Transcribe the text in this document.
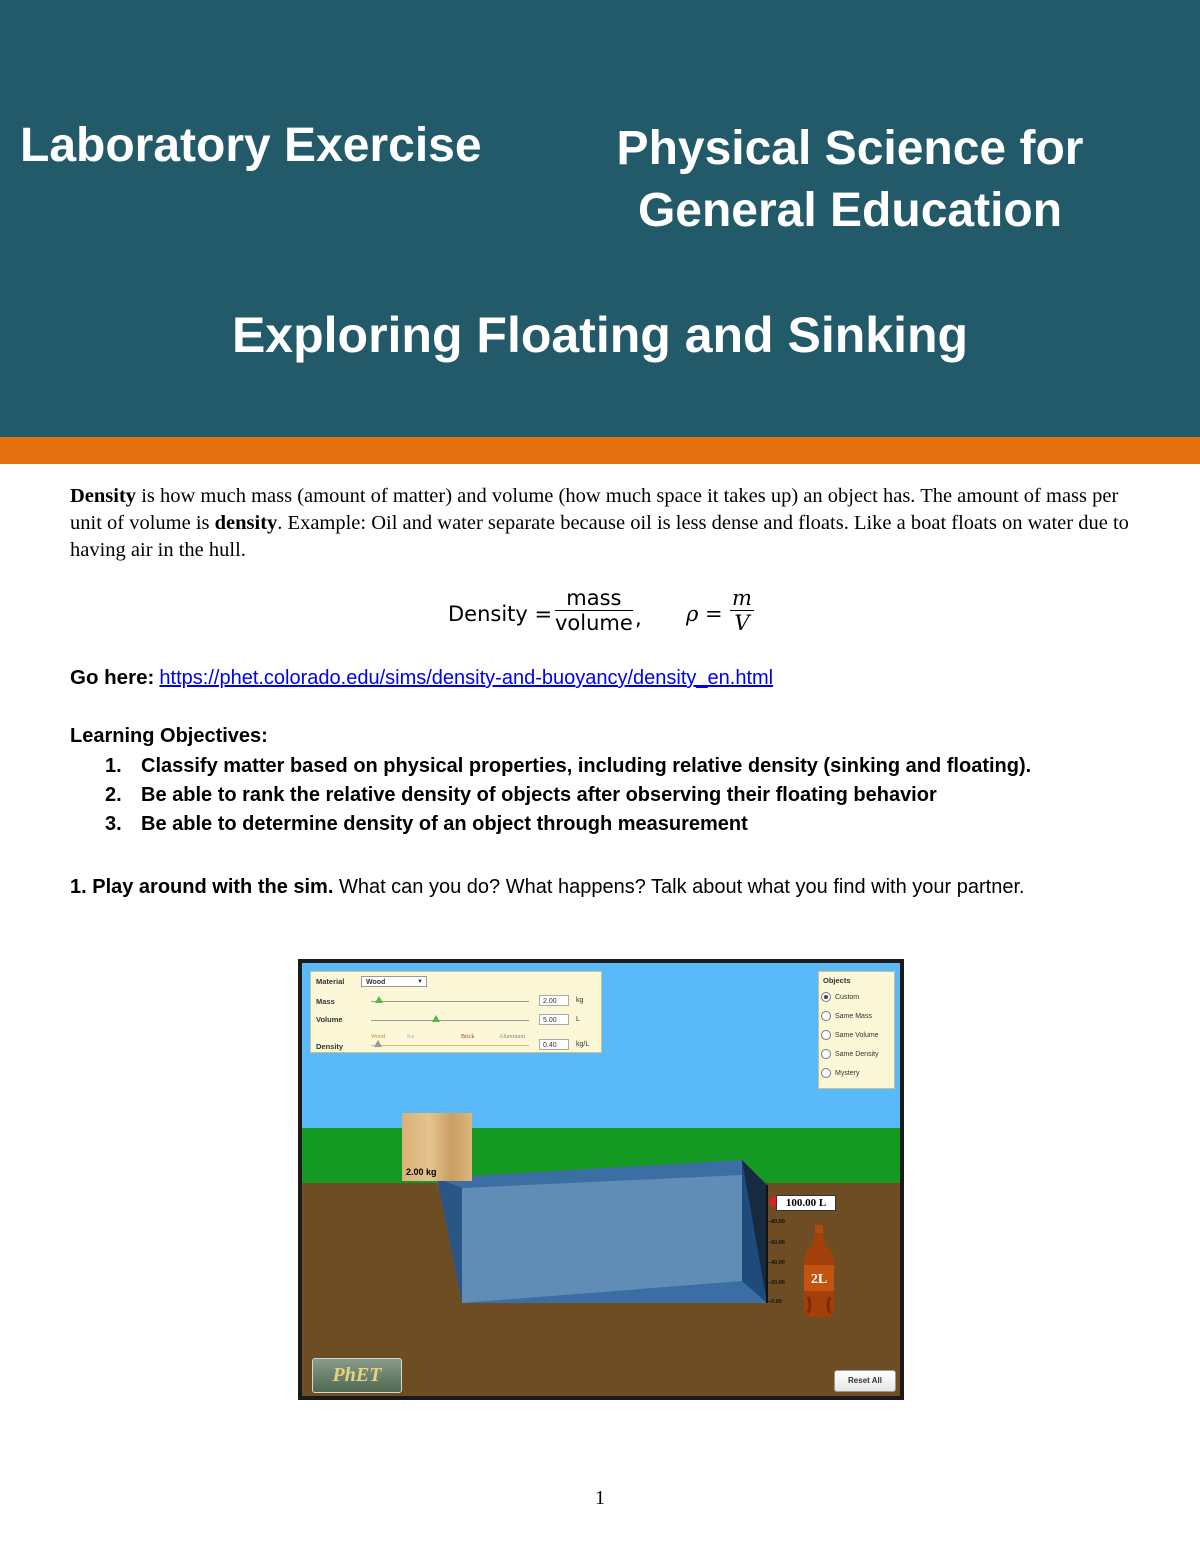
Laboratory Exercise	Physical Science for
General Education
Exploring Floating and Sinking
Density is how much mass (amount of matter) and volume (how much space it takes up) an object has. The amount of mass per unit of volume is density. Example: Oil and water separate because oil is less dense and floats. Like a boat floats on water due to having air in the hull.
Density =
mass
volume , $\rho = \frac{m}{V}$
Go here: https://phet.colorado.edu/sims/density-and-buoyancy/density_en.html
Learning Objectives:
1. Classify matter based on physical properties, including relative density (sinking and floating).
2. Be able to rank the relative density of objects after observing their floating behavior
3. Be able to determine density of an object through measurement
1. Play around with the sim. What can you do? What happens? Talk about what you find with your partner.
Material	Wood	▼
Mass	2.00	kg
Volume	5.00	L
Density
Wood	Ice	Brick	Aluminum
0.40	kg/L
Objects
Custom
Same Mass
Same Volume
Same Density
Mystery
2.00 kg
100.00 L
–80.00
–60.00
–40.00
–20.00
–0.00
2L
PhET	Reset All
1
